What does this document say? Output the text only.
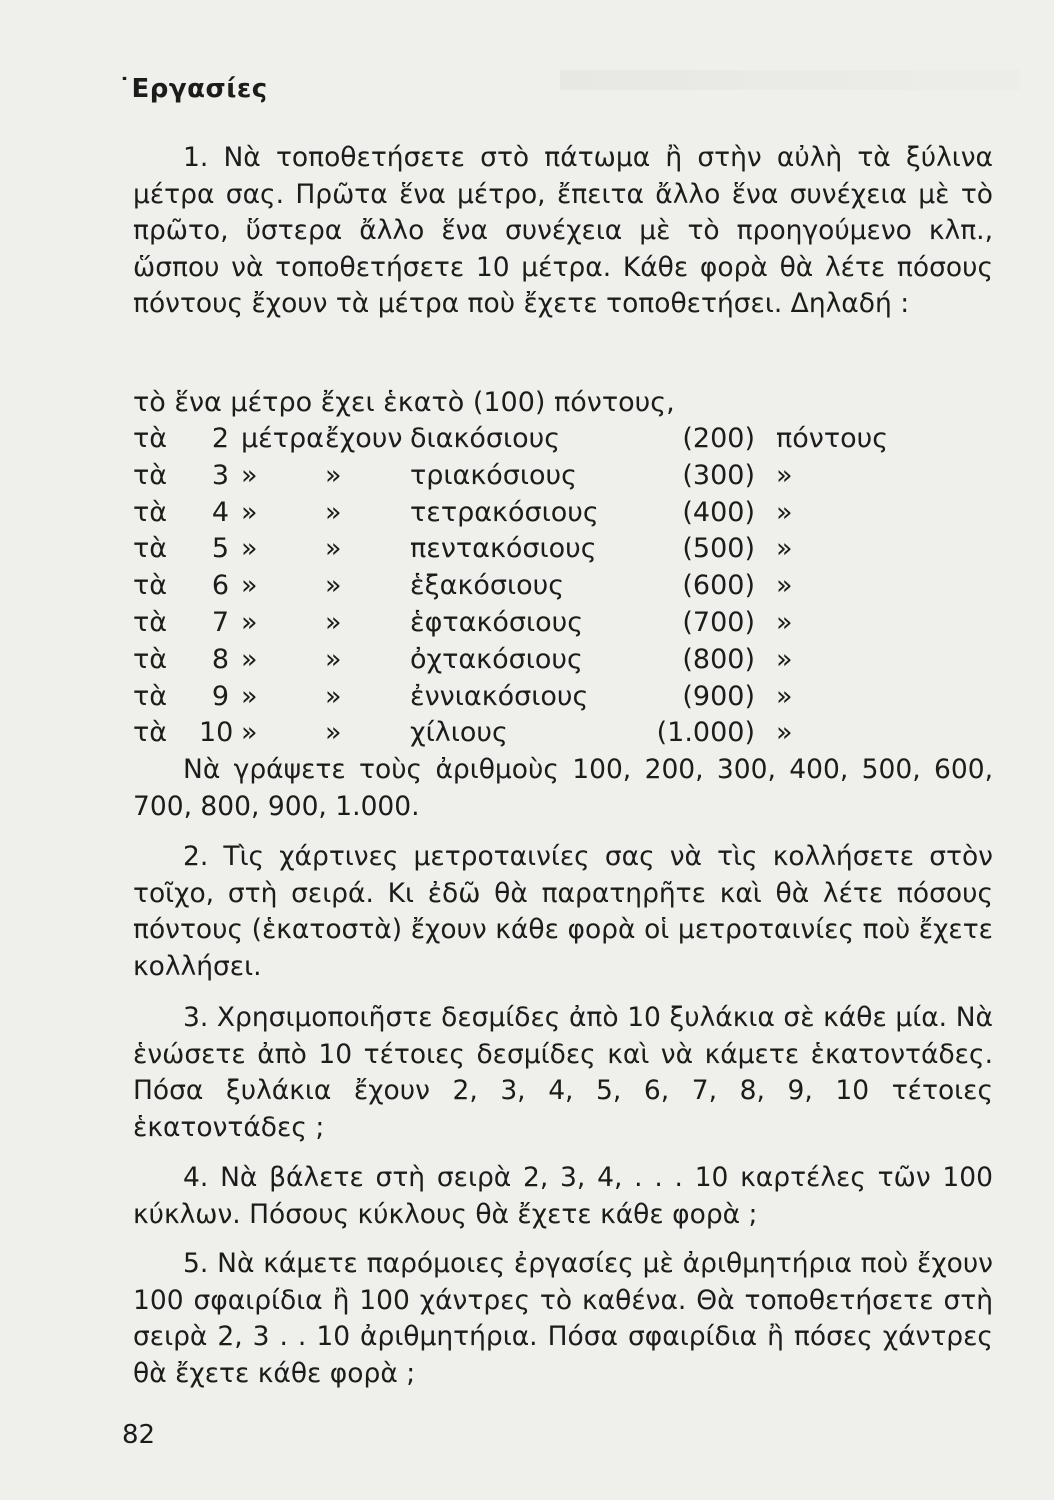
˙Εργασίες
1. Νὰ τοποθετήσετε στὸ πάτωμα ἢ στὴν αὐλὴ τὰ ξύλινα μέτρα σας. Πρῶτα ἕνα μέτρο, ἔπειτα ἄλλο ἕνα συνέχεια μὲ τὸ πρῶτο, ὕστερα ἄλλο ἕνα συνέχεια μὲ τὸ προηγούμενο κλπ., ὥσπου νὰ τοποθετήσετε 10 μέτρα. Κάθε φορὰ θὰ λέτε πόσους πόντους ἔχουν τὰ μέτρα ποὺ ἔχετε τοποθετήσει. Δηλαδή :
τὸ ἕνα μέτρο ἔχει ἑκατὸ (100) πόντους,
τὰ	2 μέτρα ἔχουν διακόσιους	(200) πόντους
τὰ	3 » »	τριακόσιους	(300) »
τὰ	4 » »	τετρακόσιους	(400) »
τὰ	5 » »	πεντακόσιους	(500) »
τὰ	6 » »	ἑξακόσιους	(600) »
τὰ	7 » »	ἑφτακόσιους	(700) »
τὰ	8 » »	ὀχτακόσιους	(800) »
τὰ	9 » »	ἐννιακόσιους	(900) »
τὰ 10 » »	χίλιους	(1.000) »
Νὰ γράψετε τοὺς ἀριθμοὺς 100, 200, 300, 400, 500, 600, 700, 800, 900, 1.000.
2. Τὶς χάρτινες μετροταινίες σας νὰ τὶς κολλήσετε στὸν τοῖχο, στὴ σειρά. Κι ἐδῶ θὰ παρατηρῆτε καὶ θὰ λέτε πόσους πόντους (ἑκατοστὰ) ἔχουν κάθε φορὰ οἱ μετροταινίες ποὺ ἔχετε κολλήσει.
3. Χρησιμοποιῆστε δεσμίδες ἀπὸ 10 ξυλάκια σὲ κάθε μία. Νὰ ἑνώσετε ἀπὸ 10 τέτοιες δεσμίδες καὶ νὰ κάμετε ἑκατοντάδες. Πόσα ξυλάκια ἔχουν 2, 3, 4, 5, 6, 7, 8, 9, 10 τέτοιες ἑκατοντάδες ;
4. Νὰ βάλετε στὴ σειρὰ 2, 3, 4, . . . 10 καρτέλες τῶν 100 κύκλων. Πόσους κύκλους θὰ ἔχετε κάθε φορὰ ;
5. Νὰ κάμετε παρόμοιες ἐργασίες μὲ ἀριθμητήρια ποὺ ἔχουν 100 σφαιρίδια ἢ 100 χάντρες τὸ καθένα. Θὰ τοποθετήσετε στὴ σειρὰ 2, 3 . . 10 ἀριθμητήρια. Πόσα σφαιρίδια ἢ πόσες χάντρες θὰ ἔχετε κάθε φορὰ ;
82
